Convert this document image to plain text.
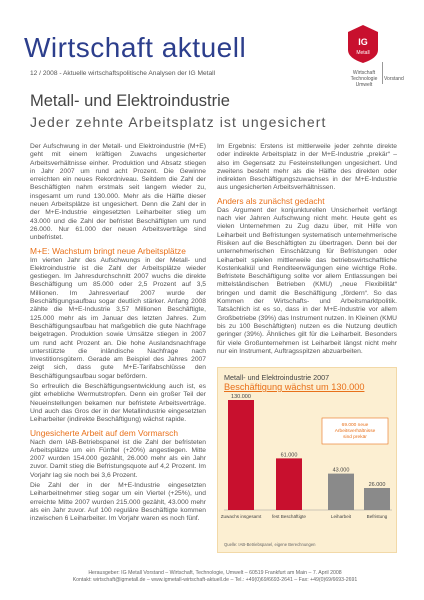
Wirtschaft aktuell
12 / 2008 - Aktuelle wirtschaftspolitische Analysen der IG Metall
IG
Metall
Wirtschaft
Technologie
Umwelt
Vorstand
Metall- und Elektroindustrie
Jeder zehnte Arbeitsplatz ist ungesichert

Der Aufschwung in der Metall- und Elektroindustrie (M+E) geht mit einem kräftigen Zuwachs ungesicherter Arbeitsverhältnisse einher. Produktion und Absatz stiegen in Jahr 2007 um rund acht Prozent. Die Gewinne erreichten ein neues Rekordniveau. Seitdem die Zahl der Beschäftigten nahm erstmals seit langem wieder zu, insgesamt um rund 130.000. Mehr als die Hälfte dieser neuen Arbeitsplätze ist ungesichert. Denn die Zahl der in der M+E-Industrie eingesetzten Leiharbeiter stieg um 43.000 und die Zahl der befristet Beschäftigten um rund 26.000. Nur 61.000 der neuen Arbeitsverträge sind unbefristet.

M+E: Wachstum bringt neue Arbeitsplätze

Im vierten Jahr des Aufschwungs in der Metall- und Elektroindustrie ist die Zahl der Arbeitsplätze wieder gestiegen. Im Jahresdurchschnitt 2007 wuchs die direkte Beschäftigung um 85.000 oder 2,5 Prozent auf 3,5 Millionen. Im Jahresverlauf 2007 wurde der Beschäftigungsaufbau sogar deutlich stärker. Anfang 2008 zählte die M+E-Industrie 3,57 Millionen Beschäftigte, 125.000 mehr als im Januar des letzten Jahres. Zum Beschäftigungsaufbau hat maßgeblich die gute Nachfrage beigetragen. Produktion sowie Umsätze stiegen in 2007 um rund acht Prozent an. Die hohe Auslandsnachfrage unterstützte die inländische Nachfrage nach Investitionsgütern. Gerade am Beispiel des Jahres 2007 zeigt sich, dass gute M+E-Tarifabschlüsse den Beschäftigungsaufbau sogar befördern.

So erfreulich die Beschäftigungsentwicklung auch ist, es gibt erhebliche Wermutstropfen. Denn ein großer Teil der Neueinstellungen bekamen nur befristete Arbeitsverträge. Und auch das Gros der in der Metallindustrie eingesetzten Leiharbeiter (indirekte Beschäftigung) wächst rapide.

Ungesicherte Arbeit auf dem Vormarsch

Nach dem IAB-Betriebspanel ist die Zahl der befristeten Arbeitsplätze um ein Fünftel (+20%) angestiegen. Mitte 2007 wurden 154.000 gezählt, 26.000 mehr als ein Jahr zuvor. Damit stieg die Befristungsquote auf 4,2 Prozent. Im Vorjahr lag sie noch bei 3,6 Prozent.

Die Zahl der in der M+E-Industrie eingesetzten Leiharbeitnehmer stieg sogar um ein Viertel (+25%), und erreichte Mitte 2007 wurden 215.000 gezählt, 43.000 mehr als ein Jahr zuvor. Auf 100 reguläre Beschäftigte kommen inzwischen 6 Leiharbeiter. Im Vorjahr waren es noch fünf.

Im Ergebnis: Erstens ist mittlerweile jeder zehnte direkte oder indirekte Arbeitsplatz in der M+E-Industrie „prekär“ – also im Gegensatz zu Festeinstellungen ungesichert. Und zweitens besteht mehr als die Hälfte des direkten oder indirekten Beschäftigungszuwachses in der M+E-Industrie aus ungesicherten Arbeitsverhältnissen.

Anders als zunächst gedacht

Das Argument der konjunkturellen Unsicherheit verfängt nach vier Jahren Aufschwung nicht mehr. Heute geht es vielen Unternehmen zu Zug dazu über, mit Hilfe von Leiharbeit und Befristungen systematisch unternehmerische Risiken auf die Beschäftigten zu übertragen. Denn bei der unternehmerischen Einschätzung für Befristungen oder Leiharbeit spielen mittlerweile das betriebswirtschaftliche Kostenkalkül und Renditeerwägungen eine wichtige Rolle. Befristete Beschäftigung sollte vor allem Entlassungen bei mittelständischen Betrieben (KMU) „neue Flexibilität“ bringen und damit die Beschäftigung „fördern“. So das Kommen der Wirtschafts- und Arbeitsmarktpolitik. Tatsächlich ist es so, dass in der M+E-Industrie vor allem Großbetriebe (39%) das Instrument nutzen. In Kleinen (KMU bis zu 100 Beschäftigten) nutzen es die Nutzung deutlich geringer (39%). Ähnliches gilt für die Leiharbeit. Besonders für viele Großunternehmen ist Leiharbeit längst nicht mehr nur ein Instrument, Auftragsspitzen abzuarbeiten.

Metall- und Elektroindustrie 2007
Beschäftigung wächst um 130.000
130.000
Zuwachs insgesamt
61.000
fest Beschäftigte
43.000
Leiharbeit
26.000
Befristung
69.000 neue
Arbeitsverhältnisse
sind prekär
Quelle: IAB-Betriebspanel, eigene Berechnungen
Herausgeber: IG Metall Vorstand – Wirtschaft, Technologie, Umwelt – 60519 Frankfurt am Main – 7. April 2008
Kontakt: wirtschaft@igmetall.de – www.igmetall-wirtschaft-aktuell.de – Tel.: +49(0)69/6693-2641 – Fax: +49(0)69/6693-2691
